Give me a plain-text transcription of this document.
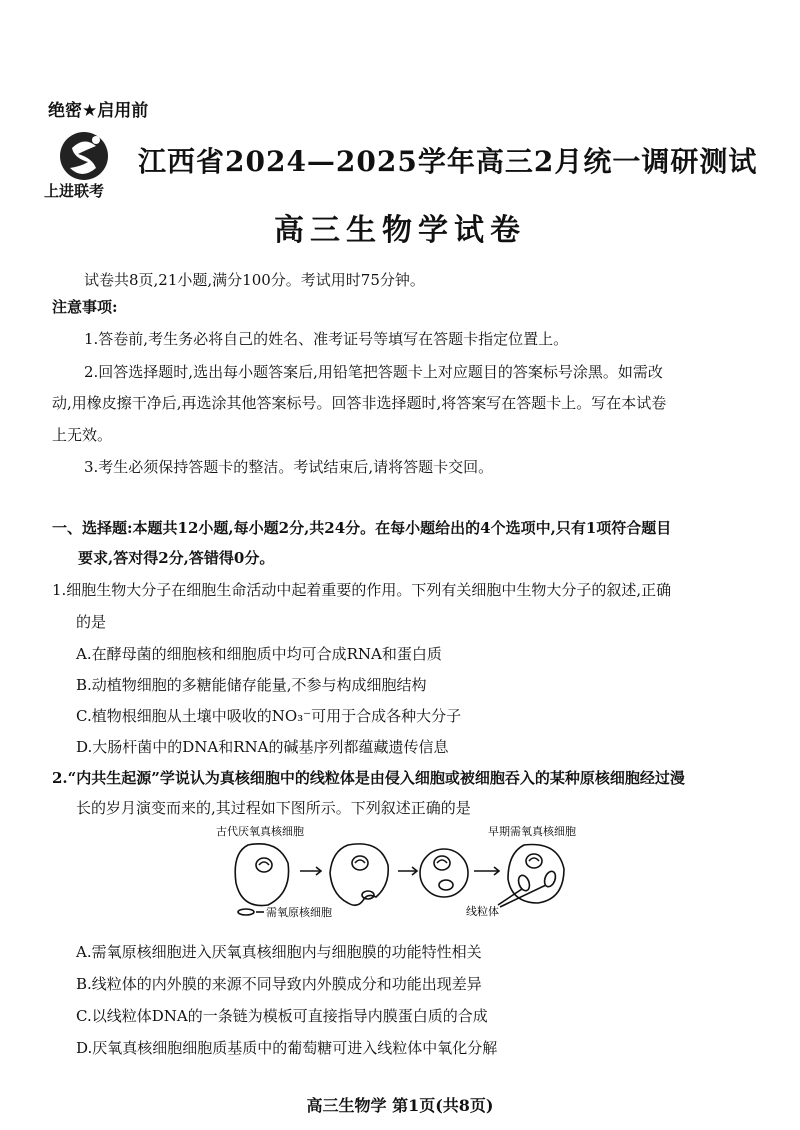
绝密★启用前
上进联考
江西省2024—2025学年高三2月统一调研测试
高三生物学试卷
试卷共8页,21小题,满分100分。考试用时75分钟。
注意事项:
1.答卷前,考生务必将自己的姓名、准考证号等填写在答题卡指定位置上。
2.回答选择题时,选出每小题答案后,用铅笔把答题卡上对应题目的答案标号涂黑。如需改
动,用橡皮擦干净后,再选涂其他答案标号。回答非选择题时,将答案写在答题卡上。写在本试卷
上无效。
3.考生必须保持答题卡的整洁。考试结束后,请将答题卡交回。
一、选择题:本题共12小题,每小题2分,共24分。在每小题给出的4个选项中,只有1项符合题目
要求,答对得2分,答错得0分。
1.细胞生物大分子在细胞生命活动中起着重要的作用。下列有关细胞中生物大分子的叙述,正确
的是
A.在酵母菌的细胞核和细胞质中均可合成RNA和蛋白质
B.动植物细胞的多糖能储存能量,不参与构成细胞结构
C.植物根细胞从土壤中吸收的NO₃⁻可用于合成各种大分子
D.大肠杆菌中的DNA和RNA的碱基序列都蕴藏遗传信息
2.“内共生起源”学说认为真核细胞中的线粒体是由侵入细胞或被细胞吞入的某种原核细胞经过漫
长的岁月演变而来的,其过程如下图所示。下列叙述正确的是
古代厌氧真核细胞	早期需氧真核细胞
需氧原核细胞	线粒体
A.需氧原核细胞进入厌氧真核细胞内与细胞膜的功能特性相关
B.线粒体的内外膜的来源不同导致内外膜成分和功能出现差异
C.以线粒体DNA的一条链为模板可直接指导内膜蛋白质的合成
D.厌氧真核细胞细胞质基质中的葡萄糖可进入线粒体中氧化分解
高三生物学 第1页(共8页)
